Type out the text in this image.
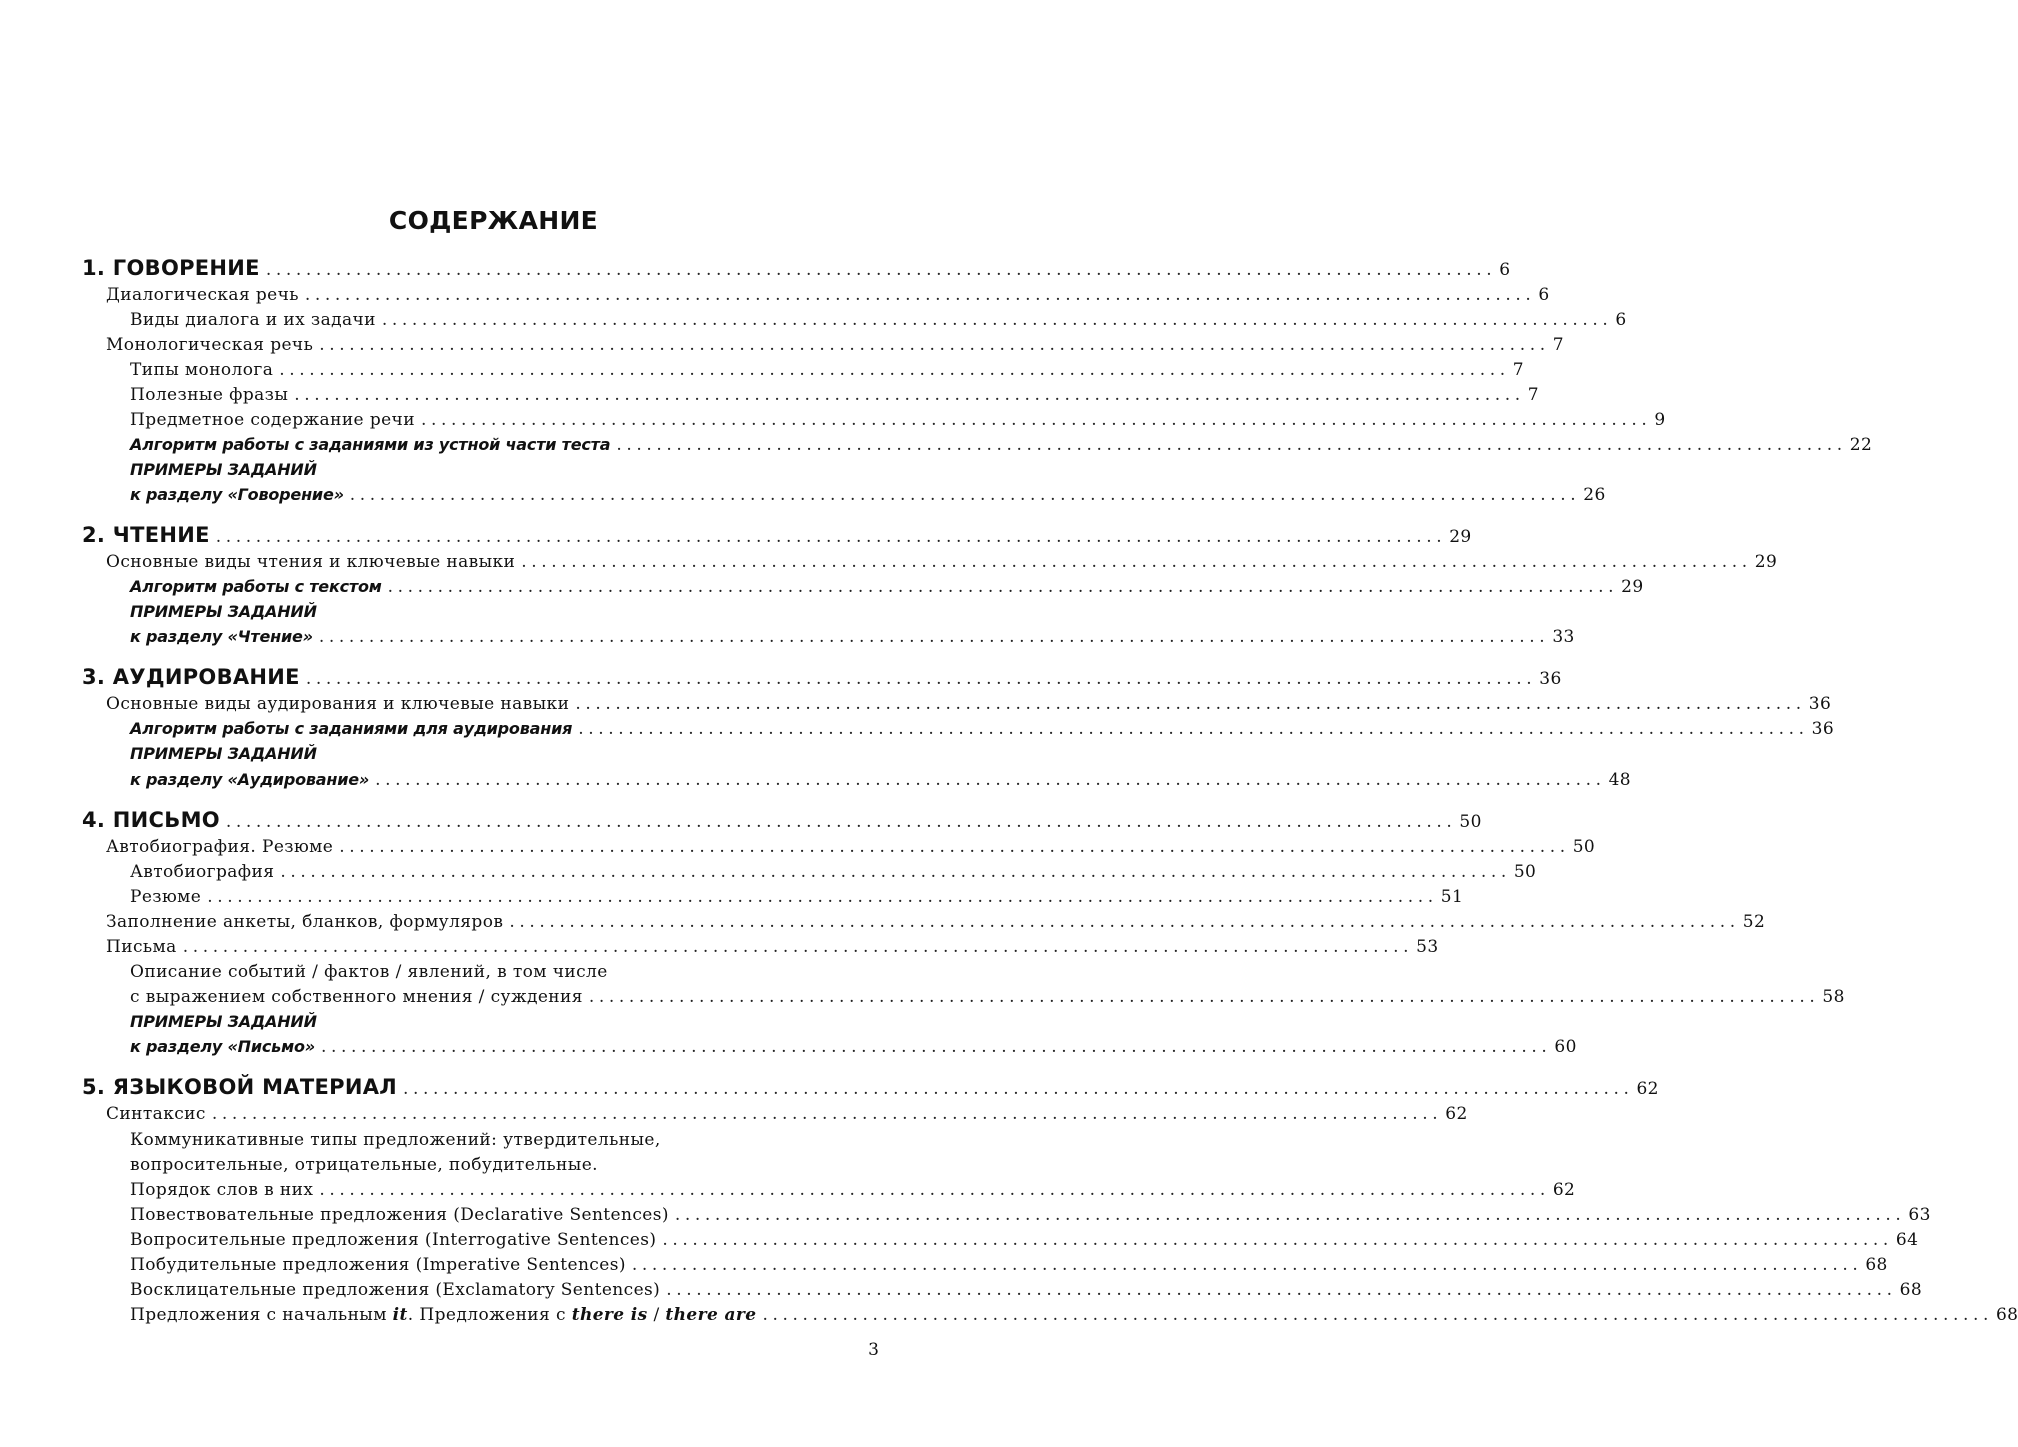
СОДЕРЖАНИЕ
1. ГОВОРЕНИЕ ........................................................................................................................... 6
Диалогическая речь ........................................................................................................................... 6
Виды диалога и их задачи ........................................................................................................................... 6
Монологическая речь ........................................................................................................................... 7
Типы монолога ........................................................................................................................... 7
Полезные фразы ........................................................................................................................... 7
Предметное содержание речи ........................................................................................................................... 9
Алгоритм работы с заданиями из устной части теста ........................................................................................................................... 22
ПРИМЕРЫ ЗАДАНИЙ
к разделу «Говорение» ........................................................................................................................... 26
2. ЧТЕНИЕ ........................................................................................................................... 29
Основные виды чтения и ключевые навыки ........................................................................................................................... 29
Алгоритм работы с текстом ........................................................................................................................... 29
ПРИМЕРЫ ЗАДАНИЙ
к разделу «Чтение» ........................................................................................................................... 33
3. АУДИРОВАНИЕ ........................................................................................................................... 36
Основные виды аудирования и ключевые навыки ........................................................................................................................... 36
Алгоритм работы с заданиями для аудирования ........................................................................................................................... 36
ПРИМЕРЫ ЗАДАНИЙ
к разделу «Аудирование» ........................................................................................................................... 48
4. ПИСЬМО ........................................................................................................................... 50
Автобиография. Резюме ........................................................................................................................... 50
Автобиография ........................................................................................................................... 50
Резюме ........................................................................................................................... 51
Заполнение анкеты, бланков, формуляров ........................................................................................................................... 52
Письма ........................................................................................................................... 53
Описание событий / фактов / явлений, в том числе
с выражением собственного мнения / суждения ........................................................................................................................... 58
ПРИМЕРЫ ЗАДАНИЙ
к разделу «Письмо» ........................................................................................................................... 60
5. ЯЗЫКОВОЙ МАТЕРИАЛ ........................................................................................................................... 62
Синтаксис ........................................................................................................................... 62
Коммуникативные типы предложений: утвердительные,
вопросительные, отрицательные, побудительные.
Порядок слов в них ........................................................................................................................... 62
Повествовательные предложения (Declarative Sentences) ........................................................................................................................... 63
Вопросительные предложения (Interrogative Sentences) ........................................................................................................................... 64
Побудительные предложения (Imperative Sentences) ........................................................................................................................... 68
Восклицательные предложения (Exclamatory Sentences) ........................................................................................................................... 68
Предложения с начальным it. Предложения с there is / there are ........................................................................................................................... 68
3
